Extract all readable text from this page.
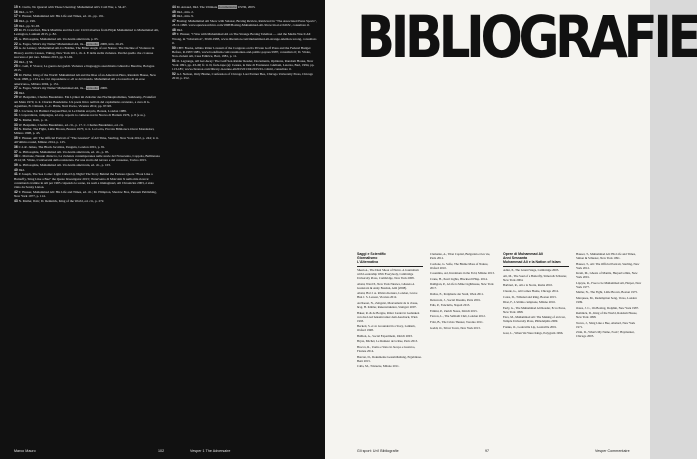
15 E. Curtis, No Quarrel with These Unerring: Muhammad Ali's Cold War, s. 34-47.
16 Ibid., s. 57.
17 T. Hauser, Muhammad Ali: His Life and Times, ed. cit., pp. 191.
18 Ibid., p. 199.
19 Ibid., pp. 91-93.
20 M. H. Crawford, Black Muslims and the Law: Civil Liberties from Elijah Muhammad to Muhammad Ali, Lexington, Lanham 2015, p. 82.
21 A. Philosophie, Muhammad Ali. Un destin américain, p. 65.
22 A. Fagea, What's my Name? Muhammad Ali, ils... episodio, 2008, intn. 20-25.
23 A. de Lannoy, Muhammad Ali.Ca Bohlke, The Bitter Angle of our Nature. The Decline of Violence in History and Its Causes, Viking, New York 2011, ch. 4. E della stella violenza. Perché quello che ci stesse successo è più raro. Milano 2013, pp. 91-92.
24 Ibid., § 56.
25 C. Gall, P. Vlasov, La guerra dei gaddi. Violenza e linguaggio anarchismo Ghiardi e Bareltre, Bologna 2015.
26 M. Heller, King of the World: Muhammad Ali and the Rise of an American Hero, Random House, New York 1998, p. 133 e ss. Ciò rispondente a: «Il re del mondo. Muhammad Ali e la nascita di un eroe americano», Milano 2004, p. 151.
27 A. Fagea, What's my Name? Muhammad Ali, ils... episodio, 2008.
28 Ibid.
29 W. Benjamin, Charles Baudelaire. Ein Lyriker im Zeitalter des Hochkapitalismus, Suhrkamp, Frankfurt am Main 1974; tr. it. Charles Baudelaire. Un poeta lirico nell'età del capitalismo avanzato, a cura di G. Agamben, B. Chitussi, C.-C. Härle, Neri Pozza, Vicenza 2012, pp. 97-98.
30 J. Cocteau, Un Hamlet d'aujourd'hui, in Le Diable est pris, Bonsai, London 1988.
31 I corporations, campaigns, ad exp. reports to cameras not in Nuova di Harlem 1976, p. 8 (e ss.).
32 N. Mailer, Ibid., p. 11.
33 W. Benjamin, Charles Baudelaire, ed. cit., p. 17. C. Charles Baudelaire, ed. cit.
34 N. Mailer, The Fight, Little Brown, Boston 1975; tr. it. La Lotta, Piccola Biblioteca Oscar Mondadori, Milano 1998, p. 43.
35 T. Hauser, Ali: The Official Portrait of "The Greatest" of All Time, Sterling, New York 2012, p. 244; tr. it. All'ultimo round, Milano 2014, p. 125.
36 C.L.R. James, The Black Jacobins, Penguin, London 2001, p. 81.
37 A. Philosophie, Muhammad Ali. Un destin américain, ed. cit., p. 95.
38 C. Martone, Nessun distacco, La violenza contemporanea nelle storie del Novecento, Coppola, Bellinzona 2014; M. Vitale, L'università della resistenza. Per una storia del terrore e del consenso, Torino 2015.
39 A. Philosophie, Muhammad Ali. Un destin américain, ed. cit., p. 103.
40 Ibid.
41 P. Joseph, The Sea Come: Light Called Up Night! The Story Behind the Famous Quote "Float Like a Butterfly, Sting Like a Bee" the Quote Investigator 2015; l'intervento di Malcolm X nella mia ricerca: contattando tramite in Ali per 1965 colpendo le scene, tra reali e immaginari, Ali Chronicles 2003, è stato vinto da Sonny Liston.
42 T. Hauser, Muhammad Ali: His Life and Times, ed. cit.; M. Plimpton, Shadow Box, Putnam Publishing, New York 1977, p. 114.
43 N. Mailer, Ibid.; D. Remnick, King of the World, ed. cit., p. 272.
44 M. Arnaud, Ibid. The Ultimate documentaire USTR, 2003.
45 Ibid., min. 2.
46 Ibid., min. 9.
47 Boxing: Muhammad Ali Show with Salazar, Boxing Review, Retrieved in "The Associated Press Sports", 28.11.1998. www.apnewsarchive.com/1998/Boxing-Muhammad-Ali-Show/id-a1a1b2b3c, consultato il.
48 Ibid.
49 T. Hauser, "I Was with Muhammad Ali on The Strange Boxing Telethon — and the Media Was It All Wrong, in "Libération", 30.06.1983, www.liberation.com/muhammad-ali-strange-telethon-wrong, consultato il.
50 CBT: Books, Albino Ritter Lawsuit of the Congress on Its Private Golf Press and the Federal Budget Before, R.1987/1985, www.bookfinds.com/ceremonies-and-public-payees/1987, consultato il; D. Vitale, Non-violent Ali, Casa Editrice, Bari, 1981, p. 11.
51 O. Lagrange, All Get Away: The Gulf Sex-Raider Reader, Documents, Opinions, Random House, New York 1991, pp. 43-49; fr. it. II, fuck-tape (e): Cesare, le liste di Fontanesi. Giuliani, Laterza, Bari, 1994, pp. 113-185; www.chronox.com/library-in-tenne-ali2015/01/04/2015/01-1.html, consultato il.
52 A.J. Nelson, Only Blame, Confession of Chicago Last Partner Bea, Chicago University Press, Chicago 2010, p. 252.
Marco Mauro	102	Vesper 1 The Adversaire
BIBLIOGRAFIE
Saggi e Scientific
Giornalismo
L'Alternativa
Sheen A., The Dual Shoot of Nerve. A Journalism with Leadership With Everybody, Cambridge University Press, Cambridge, New York 2008.
Abani, Ward P., New York Nieuws, Ghazeta A Grenzreiz & Anny Bondan, Aldi (2008).
Abani, Hal J. A. Rivista Ketsura, London, Grove Hun J. S. Lesson, Vicenza 2012.
Archaeon, N., Zeitgeist, Mouvement de la classe, hrsg. H. Köhler, Rekonstruktion, Stuttgart 2007.
Baker, R. & de Borgne, Ritter Lieder in Gedanken von das Lied bekannt unter dem Ausdruck, Wien 1993.
Beckett, S. et al. Grounded in a Story, Lanham, Oxford 1998.
Bullion, A., Social Experiment, Zürich 2003.
Bryas, Michel, Le Rumeur de la Rue, Paris 2013.
Brocca, R., Uomo e Stato in Jacopo e Gustavo, Firenze 2014.
Burcan, D., Dokumente Gesamthaltung, Ergebnisse. Bern 2015.
Calla, M., Tristezze, Milano 2011.
Clemente, A., Tibet Capital, Bulgarian et les vie, Paris 2012.
Cordone, G. Sofie, The Blame Mass of Nature, Oxford 2010.
Cosentino, Ad, Inventions in the Fold, Milano 2013.
Crane, H., Pearl Lights, Blackwell Hisp. 2014.
Dahlgren, P., A Life is Mine Lighthouse, New York 2017.
Dallas, E., Peripherie der Stadt, Wien 2011.
Delacroix, J., Social Dreams, Paris 2001.
Edis, P., Fanciullo, Napoli 2013.
Ermini, P., Zurich Notes, Zürich 2015.
Farrow, L., The Sabbath Club, London 2012.
Fritz, B., The Crisis Theater, Toronto 2011.
Gaddi, O., Silver Town, New York 2013.
Opere di Muhammad Ali
Anni Sessanta
Muhammad Ali e la Nation of Islam
Adler, P., The Grand Stage, Cambridge 2003.
Ali, M., The Soul of a Butterfly, Simon & Schuster, New York 2004.
Barbieri, R., Ali e la Storia, Roma 2010.
Claude, G., Ali Comes Home, Chicago 2012.
Coles, D., Tribunal and Ring, Boston 2015.
Diaz, F., L'ultimo campione, Milano 2016.
Early, G., The Muhammad Ali Reader, Ecco Press, New York 1998.
Ezra, M., Muhammad Ali: The Making of an Icon, Temple University Press, Philadelphia 2009.
Franks, O., Louisville Lip, Louisville 2001.
Gast, L., When We Were Kings, Polygram 1996.
Hauser, T., Muhammad Ali: His Life and Times, Simon & Schuster, New York 1991.
Hauser, T., Ali: The Official Portrait, Sterling, New York 2012.
Kram, M., Ghosts of Manila, HarperCollins, New York 2001.
Lipsyte, R., Free to be Muhammad Ali, Harper, New York 1977.
Mailer, N., The Fight, Little Brown, Boston 1975.
Marqusee, M., Redemption Song, Verso, London 1999.
Oates, J. C., On Boxing, Dolphin, New York 1987.
Remnick, D., King of the World, Random House, New York 1998.
Torres, J., Sting Like a Bee, Abelard, New York 1971.
Zirin, D., What's My Name, Fool?, Haymarket, Chicago 2005.
Gli sport: Un'l Bibliografie	97	Vesper Commentaire
